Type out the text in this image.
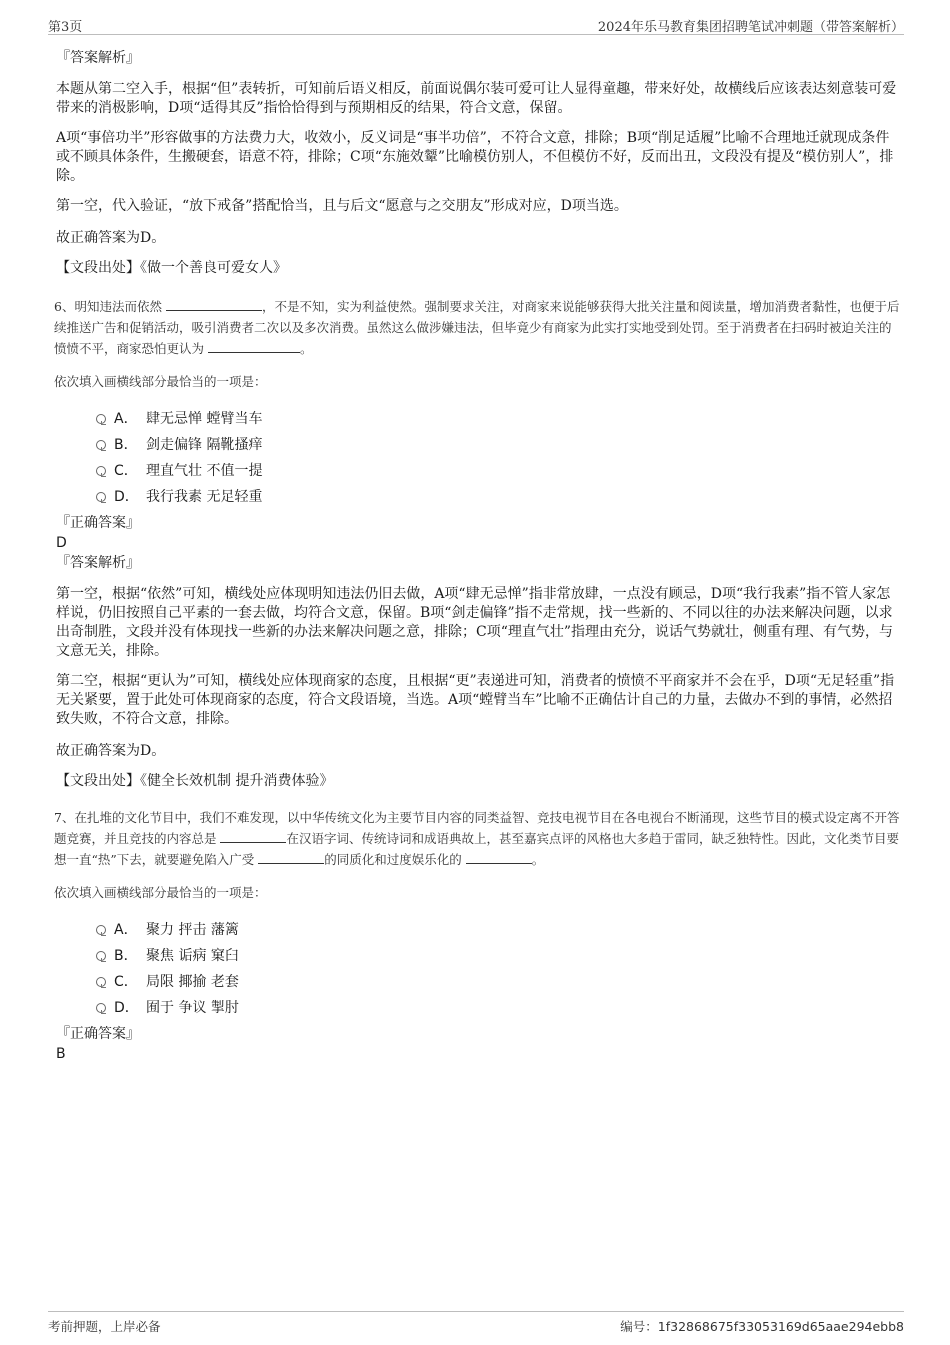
第3页	2024年乐马教育集团招聘笔试冲刺题（带答案解析）

『答案解析』

本题从第二空入手，根据“但”表转折，可知前后语义相反，前面说偶尔装可爱可让人显得童趣，带来好处，故横线后应该表达刻意装可爱带来的消极影响，D项“适得其反”指恰恰得到与预期相反的结果，符合文意，保留。

A项“事倍功半”形容做事的方法费力大，收效小，反义词是“事半功倍”，不符合文意，排除；B项“削足适履”比喻不合理地迁就现成条件或不顾具体条件，生搬硬套，语意不符，排除；C项“东施效颦”比喻模仿别人，不但模仿不好，反而出丑，文段没有提及“模仿别人”，排除。

第一空，代入验证，“放下戒备”搭配恰当，且与后文“愿意与之交朋友”形成对应，D项当选。

故正确答案为D。

【文段出处】《做一个善良可爱女人》

6、明知违法而依然	，不是不知，实为利益使然。强制要求关注，对商家来说能够获得大批关注量和阅读量，增加消费者黏性，也便于后续推送广告和促销活动，吸引消费者二次以及多次消费。虽然这么做涉嫌违法，但毕竟少有商家为此实打实地受到处罚。至于消费者在扫码时被迫关注的愤愤不平，商家恐怕更认为	。

依次填入画横线部分最恰当的一项是：

A． 肆无忌惮 螳臂当车
B． 剑走偏锋 隔靴搔痒
C． 理直气壮 不值一提
D． 我行我素 无足轻重

『正确答案』

D

『答案解析』

第一空，根据“依然”可知，横线处应体现明知违法仍旧去做，A项“肆无忌惮”指非常放肆，一点没有顾忌，D项“我行我素”指不管人家怎样说，仍旧按照自己平素的一套去做，均符合文意，保留。B项“剑走偏锋”指不走常规，找一些新的、不同以往的办法来解决问题，以求出奇制胜，文段并没有体现找一些新的办法来解决问题之意，排除；C项“理直气壮”指理由充分，说话气势就壮，侧重有理、有气势，与文意无关，排除。

第二空，根据“更认为”可知，横线处应体现商家的态度，且根据“更”表递进可知，消费者的愤愤不平商家并不会在乎，D项“无足轻重”指无关紧要，置于此处可体现商家的态度，符合文段语境，当选。A项“螳臂当车”比喻不正确估计自己的力量，去做办不到的事情，必然招致失败，不符合文意，排除。

故正确答案为D。

【文段出处】《健全长效机制 提升消费体验》

7、在扎堆的文化节目中，我们不难发现，以中华传统文化为主要节目内容的同类益智、竞技电视节目在各电视台不断涌现，这些节目的模式设定离不开答题竞赛，并且竞技的内容总是	在汉语字词、传统诗词和成语典故上，甚至嘉宾点评的风格也大多趋于雷同，缺乏独特性。因此，文化类节目要想一直“热”下去，就要避免陷入广受	的同质化和过度娱乐化的	。

依次填入画横线部分最恰当的一项是：

A． 聚力 抨击 藩篱
B． 聚焦 诟病 窠臼
C． 局限 揶揄 老套
D． 囿于 争议 掣肘

『正确答案』

B

考前押题，上岸必备	编号：1f32868675f33053169d65aae294ebb8
